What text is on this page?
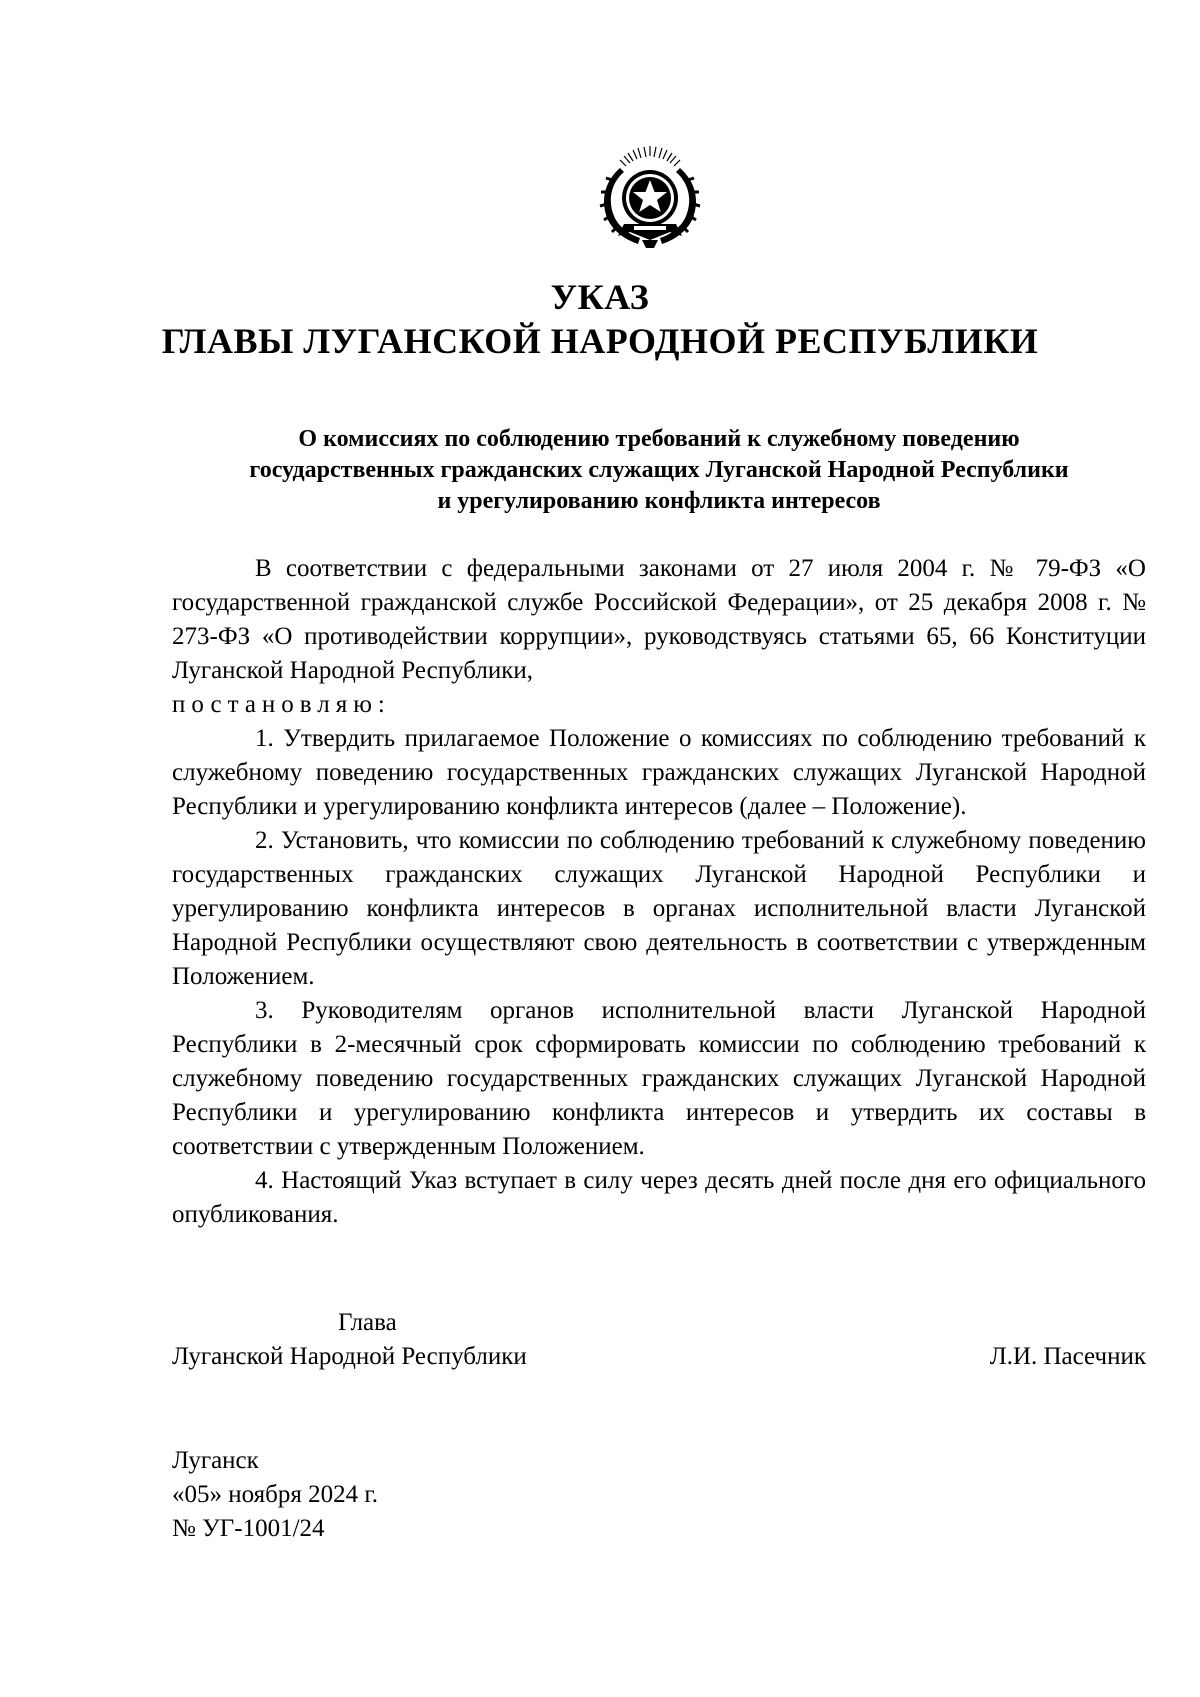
УКАЗ
ГЛАВЫ ЛУГАНСКОЙ НАРОДНОЙ РЕСПУБЛИКИ
О комиссиях по соблюдению требований к служебному поведению
государственных гражданских служащих Луганской Народной Республики
и урегулированию конфликта интересов

В соответствии с федеральными законами от 27 июля 2004 г. № 79-ФЗ «О государственной гражданской службе Российской Федерации», от 25 декабря 2008 г. № 273-ФЗ «О противодействии коррупции», руководствуясь статьями 65, 66 Конституции Луганской Народной Республики,

постановляю:

1. Утвердить прилагаемое Положение о комиссиях по соблюдению требований к служебному поведению государственных гражданских служащих Луганской Народной Республики и урегулированию конфликта интересов (далее – Положение).

2. Установить, что комиссии по соблюдению требований к служебному поведению государственных гражданских служащих Луганской Народной Республики и урегулированию конфликта интересов в органах исполнительной власти Луганской Народной Республики осуществляют свою деятельность в соответствии с утвержденным Положением.

3. Руководителям органов исполнительной власти Луганской Народной Республики в 2-месячный срок сформировать комиссии по соблюдению требований к служебному поведению государственных гражданских служащих Луганской Народной Республики и урегулированию конфликта интересов и утвердить их составы в соответствии с утвержденным Положением.

4. Настоящий Указ вступает в силу через десять дней после дня его официального опубликования.

Глава
Луганской Народной Республики	Л.И. Пасечник
Луганск
«05» ноября 2024 г.
№ УГ-1001/24
